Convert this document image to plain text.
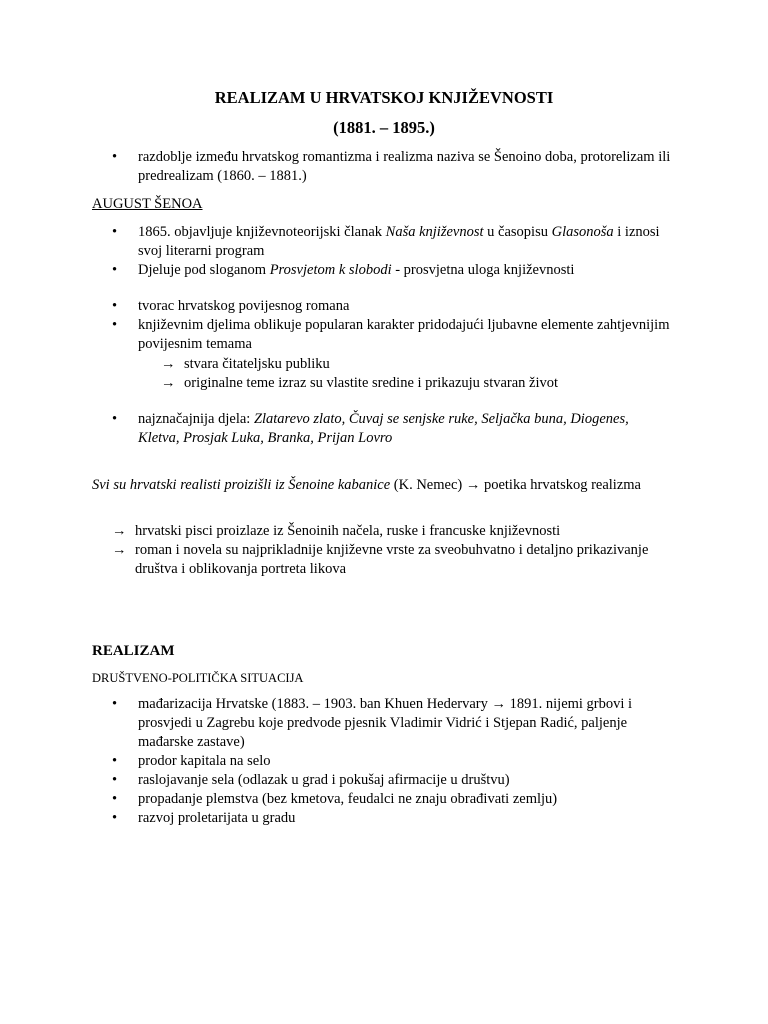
REALIZAM U HRVATSKOJ KNJIŽEVNOSTI
(1881. – 1895.)
•	razdoblje između hrvatskog romantizma i realizma naziva se Šenoino doba, protorelizam ili predrealizam (1860. – 1881.)
AUGUST ŠENOA
•	1865. objavljuje književnoteorijski članak Naša književnost u časopisu Glasonoša i iznosi svoj literarni program
•	Djeluje pod sloganom Prosvjetom k slobodi - prosvjetna uloga književnosti
•	tvorac hrvatskog povijesnog romana
•	književnim djelima oblikuje popularan karakter pridodajući ljubavne elemente zahtjevnijim povijesnim temama
→ stvara čitateljsku publiku
→ originalne teme izraz su vlastite sredine i prikazuju stvaran život
•	najznačajnija djela: Zlatarevo zlato, Čuvaj se senjske ruke, Seljačka buna, Diogenes, Kletva, Prosjak Luka, Branka, Prijan Lovro
Svi su hrvatski realisti proizišli iz Šenoine kabanice (K. Nemec) → poetika hrvatskog realizma
→ hrvatski pisci proizlaze iz Šenoinih načela, ruske i francuske književnosti
→ roman i novela su najprikladnije književne vrste za sveobuhvatno i detaljno prikazivanje društva i oblikovanja portreta likova
REALIZAM
DRUŠTVENO-POLITIČKA SITUACIJA
•	mađarizacija Hrvatske (1883. – 1903. ban Khuen Hedervary → 1891. nijemi grbovi i prosvjedi u Zagrebu koje predvode pjesnik Vladimir Vidrić i Stjepan Radić, paljenje mađarske zastave)
•	prodor kapitala na selo
•	raslojavanje sela (odlazak u grad i pokušaj afirmacije u društvu)
•	propadanje plemstva (bez kmetova, feudalci ne znaju obrađivati zemlju)
•	razvoj proletarijata u gradu
